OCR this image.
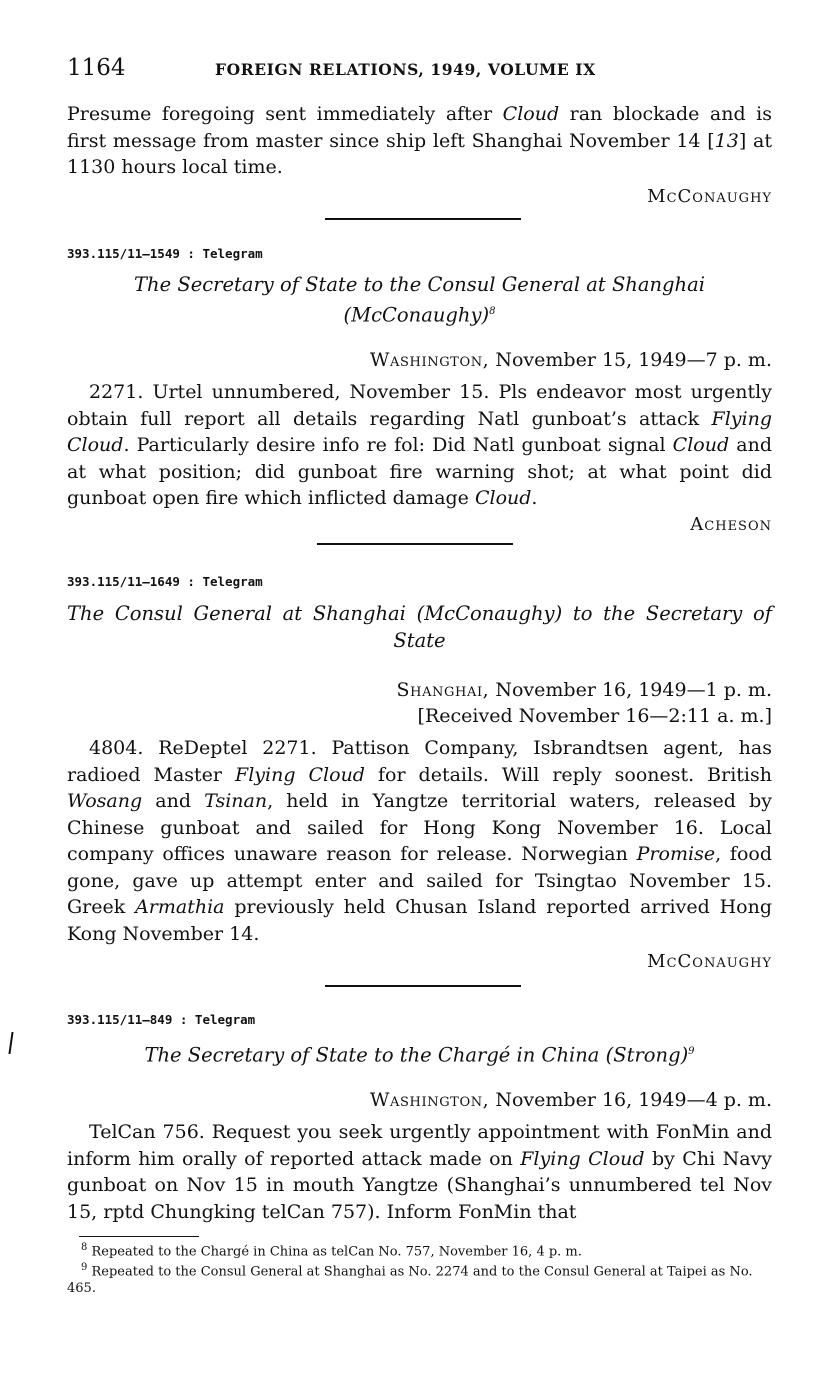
1164	FOREIGN RELATIONS, 1949, VOLUME IX

Presume foregoing sent immediately after Cloud ran blockade and is first message from master since ship left Shanghai November 14 [13] at 1130 hours local time.

McConaughy
393.115/11–1549 : Telegram
The Secretary of State to the Consul General at Shanghai
(McConaughy)$^8$
Washington, November 15, 1949—7 p. m.

2271. Urtel unnumbered, November 15. Pls endeavor most urgently obtain full report all details regarding Natl gunboat’s attack Flying Cloud. Particularly desire info re fol: Did Natl gunboat signal Cloud and at what position; did gunboat fire warning shot; at what point did gunboat open fire which inflicted damage Cloud.

Acheson
393.115/11–1649 : Telegram
The Consul General at Shanghai (McConaughy) to the Secretary of State
Shanghai, November 16, 1949—1 p. m.
[Received November 16—2:11 a. m.]

4804. ReDeptel 2271. Pattison Company, Isbrandtsen agent, has radioed Master Flying Cloud for details. Will reply soonest. British Wosang and Tsinan, held in Yangtze territorial waters, released by Chinese gunboat and sailed for Hong Kong November 16. Local company offices unaware reason for release. Norwegian Promise, food gone, gave up attempt enter and sailed for Tsingtao November 15. Greek Armathia previously held Chusan Island reported arrived Hong Kong November 14.

McConaughy
393.115/11–849 : Telegram
The Secretary of State to the Chargé in China (Strong)$^9$
Washington, November 16, 1949—4 p. m.

TelCan 756. Request you seek urgently appointment with FonMin and inform him orally of reported attack made on Flying Cloud by Chi Navy gunboat on Nov 15 in mouth Yangtze (Shanghai’s unnumbered tel Nov 15, rptd Chungking telCan 757). Inform FonMin that

$^8$ Repeated to the Chargé in China as telCan No. 757, November 16, 4 p. m.
$^9$ Repeated to the Consul General at Shanghai as No. 2274 and to the Consul General at Taipei as No. 465.
